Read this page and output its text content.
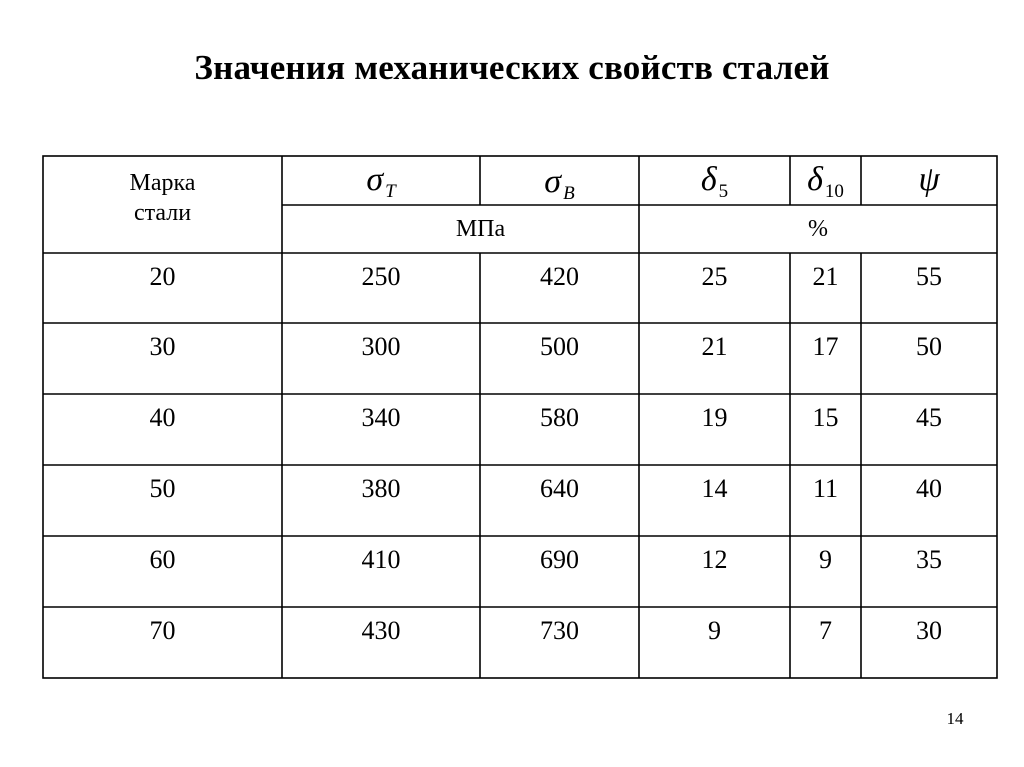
Значения механических свойств сталей
Марка
стали
σ $_T$	σ $_B$	δ $_5$	δ $_{10}$	ψ
МПа	%
20	250	420	25	21	55
30	300	500	21	17	50
40	340	580	19	15	45
50	380	640	14	11	40
60	410	690	12	9	35
70	430	730	9	7	30
14
